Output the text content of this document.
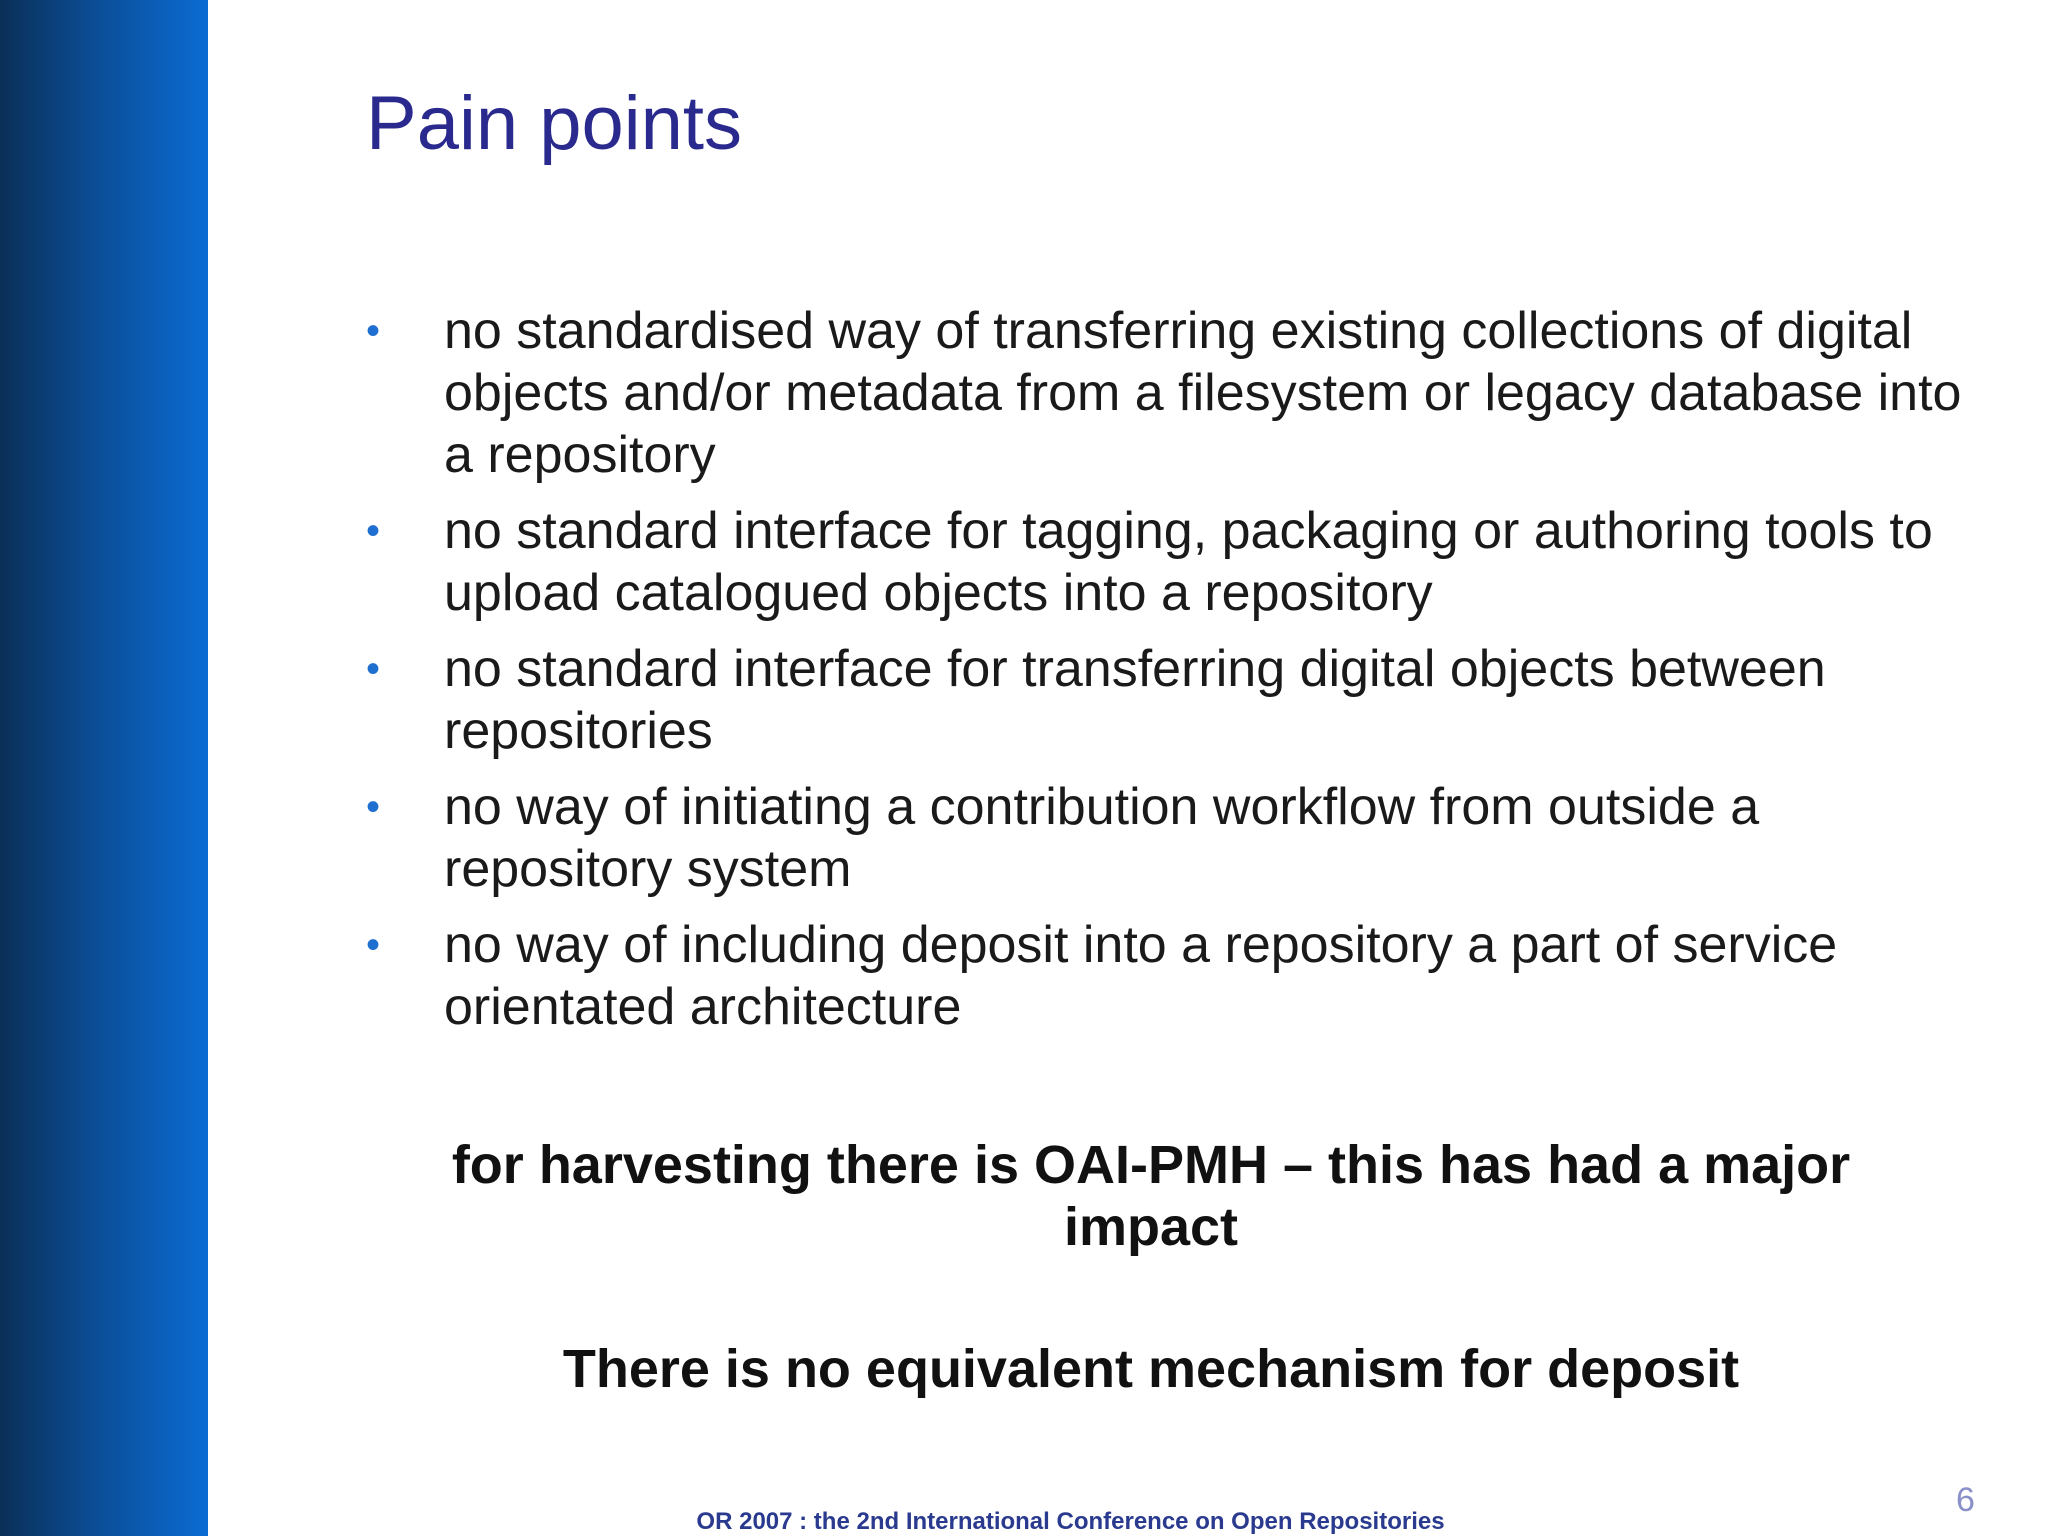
Pain points
• no standardised way of transferring existing collections of digital objects and/or metadata from a filesystem or legacy database into a repository
• no standard interface for tagging, packaging or authoring tools to upload catalogued objects into a repository
• no standard interface for transferring digital objects between repositories
• no way of initiating a contribution workflow from outside a repository system
• no way of including deposit into a repository a part of service orientated architecture
for harvesting there is OAI-PMH – this has had a major impact
There is no equivalent mechanism for deposit
OR 2007 : the 2nd International Conference on Open Repositories
6
